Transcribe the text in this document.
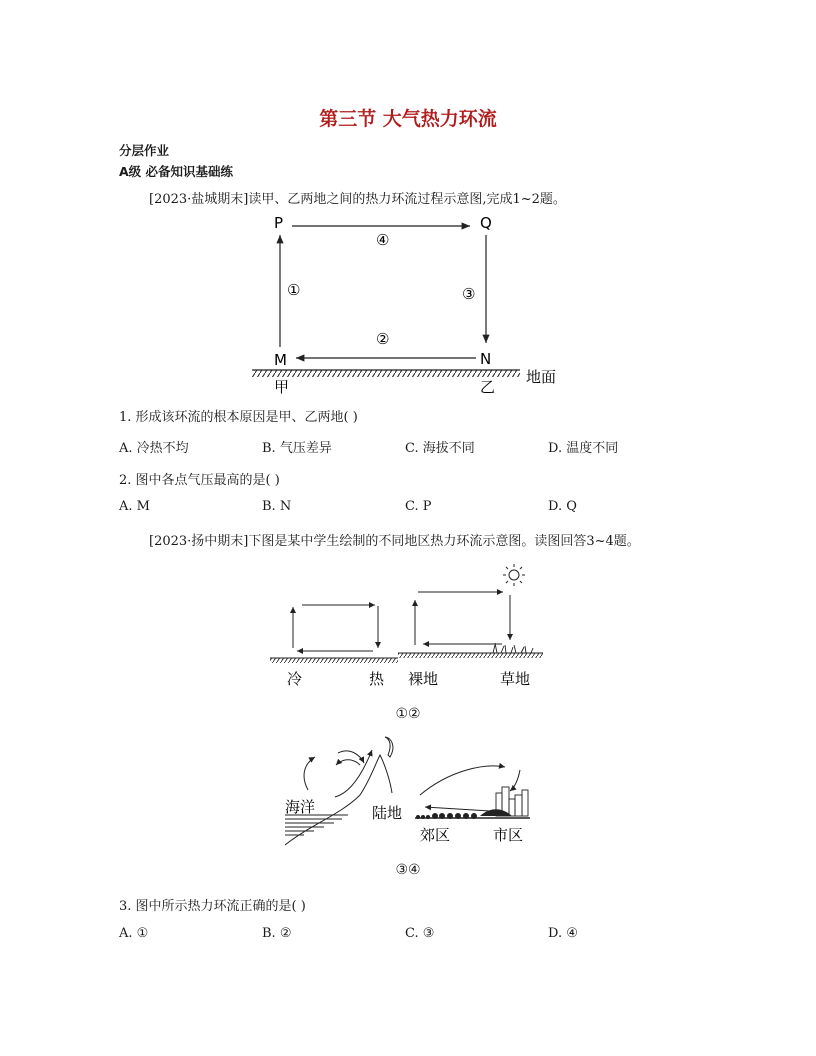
第三节 大气热力环流
分层作业
A级 必备知识基础练
[2023·盐城期末]读甲、乙两地之间的热力环流过程示意图,完成1~2题。
P	Q
M	N
④
①	③
②
甲	乙
地面
1. 形成该环流的根本原因是甲、乙两地( )
A. 冷热不均	B. 气压差异	C. 海拔不同	D. 温度不同
2. 图中各点气压最高的是( )
A. M	B. N	C. P	D. Q
[2023·扬中期末]下图是某中学生绘制的不同地区热力环流示意图。读图回答3~4题。
冷	热 裸地	草地
①②
海洋	陆地
郊区	市区
③④
3. 图中所示热力环流正确的是( )
A. ①	B. ②	C. ③	D. ④
